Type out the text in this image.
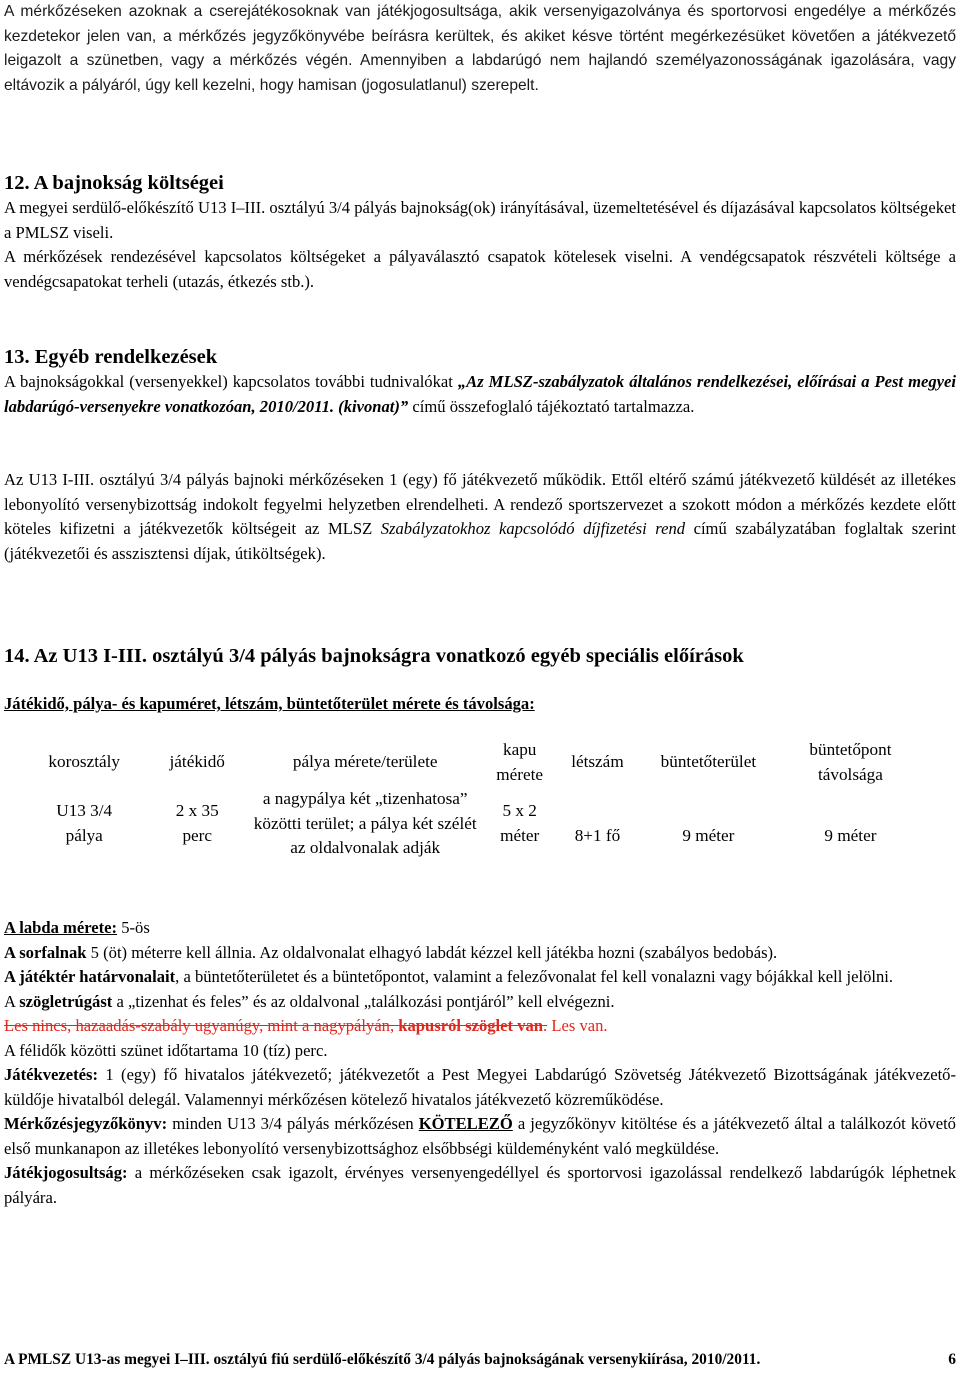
A mérkőzéseken azoknak a cserejátékosoknak van játékjogosultsága, akik versenyigazolványa és sportorvosi engedélye a mérkőzés kezdetekor jelen van, a mérkőzés jegyzőkönyvébe beírásra kerültek, és akiket késve történt megérkezésüket követően a játékvezető leigazolt a szünetben, vagy a mérkőzés végén. Amennyiben a labdarúgó nem hajlandó személyazonosságának igazolására, vagy eltávozik a pályáról, úgy kell kezelni, hogy hamisan (jogosulatlanul) szerepelt.

12. A bajnokság költségei

A megyei serdülő-előkészítő U13 I–III. osztályú 3/4 pályás bajnokság(ok) irányításával, üzemeltetésével és díjazásával kapcsolatos költségeket a PMLSZ viseli.

A mérkőzések rendezésével kapcsolatos költségeket a pályaválasztó csapatok kötelesek viselni. A vendégcsapatok részvételi költsége a vendégcsapatokat terheli (utazás, étkezés stb.).

13. Egyéb rendelkezések

A bajnokságokkal (versenyekkel) kapcsolatos további tudnivalókat „Az MLSZ-szabályzatok általános rendelkezései, előírásai a Pest megyei labdarúgó-versenyekre vonatkozóan, 2010/2011. (kivonat)” című összefoglaló tájékoztató tartalmazza.

Az U13 I-III. osztályú 3/4 pályás bajnoki mérkőzéseken 1 (egy) fő játékvezető működik. Ettől eltérő számú játékvezető küldését az illetékes lebonyolító versenybizottság indokolt fegyelmi helyzetben elrendelheti. A rendező sportszervezet a szokott módon a mérkőzés kezdete előtt köteles kifizetni a játékvezetők költségeit az MLSZ Szabályzatokhoz kapcsolódó díjfizetési rend című szabályzatában foglaltak szerint (játékvezetői és asszisztensi díjak, útiköltségek).

14. Az U13 I-III. osztályú 3/4 pályás bajnokságra vonatkozó egyéb speciális előírások

Játékidő, pálya- és kapuméret, létszám, büntetőterület mérete és távolsága:

korosztály	játékidő	pálya mérete/területe	kapu mérete	létszám	büntetőterület	büntetőpont távolsága
U13 3/4 pálya	2 x 35 perc	a nagypálya két „tizenhatosa” közötti terület; a pálya két szélét az oldalvonalak adják	5 x 2 méter	8+1 fő	9 méter	9 méter

A labda mérete: 5-ös

A sorfalnak 5 (öt) méterre kell állnia. Az oldalvonalat elhagyó labdát kézzel kell játékba hozni (szabályos bedobás).

A játéktér határvonalait, a büntetőterületet és a büntetőpontot, valamint a felezővonalat fel kell vonalazni vagy bójákkal kell jelölni.

A szögletrúgást a „tizenhat és feles” és az oldalvonal „találkozási pontjáról” kell elvégezni.

Les nincs, hazaadás-szabály ugyanúgy, mint a nagypályán, kapusról szöglet van. Les van.

A félidők közötti szünet időtartama 10 (tíz) perc.

Játékvezetés: 1 (egy) fő hivatalos játékvezető; játékvezetőt a Pest Megyei Labdarúgó Szövetség Játékvezető Bizottságának játékvezető-küldője hivatalból delegál. Valamennyi mérkőzésen kötelező hivatalos játékvezető közreműködése.

Mérkőzésjegyzőkönyv: minden U13 3/4 pályás mérkőzésen KÖTELEZŐ a jegyzőkönyv kitöltése és a játékvezető által a találkozót követő első munkanapon az illetékes lebonyolító versenybizottsághoz elsőbbségi küldeményként való megküldése.

Játékjogosultság: a mérkőzéseken csak igazolt, érvényes versenyengedéllyel és sportorvosi igazolással rendelkező labdarúgók léphetnek pályára.

A PMLSZ U13-as megyei I–III. osztályú fiú serdülő-előkészítő 3/4 pályás bajnokságának versenykiírása, 2010/2011.	6
